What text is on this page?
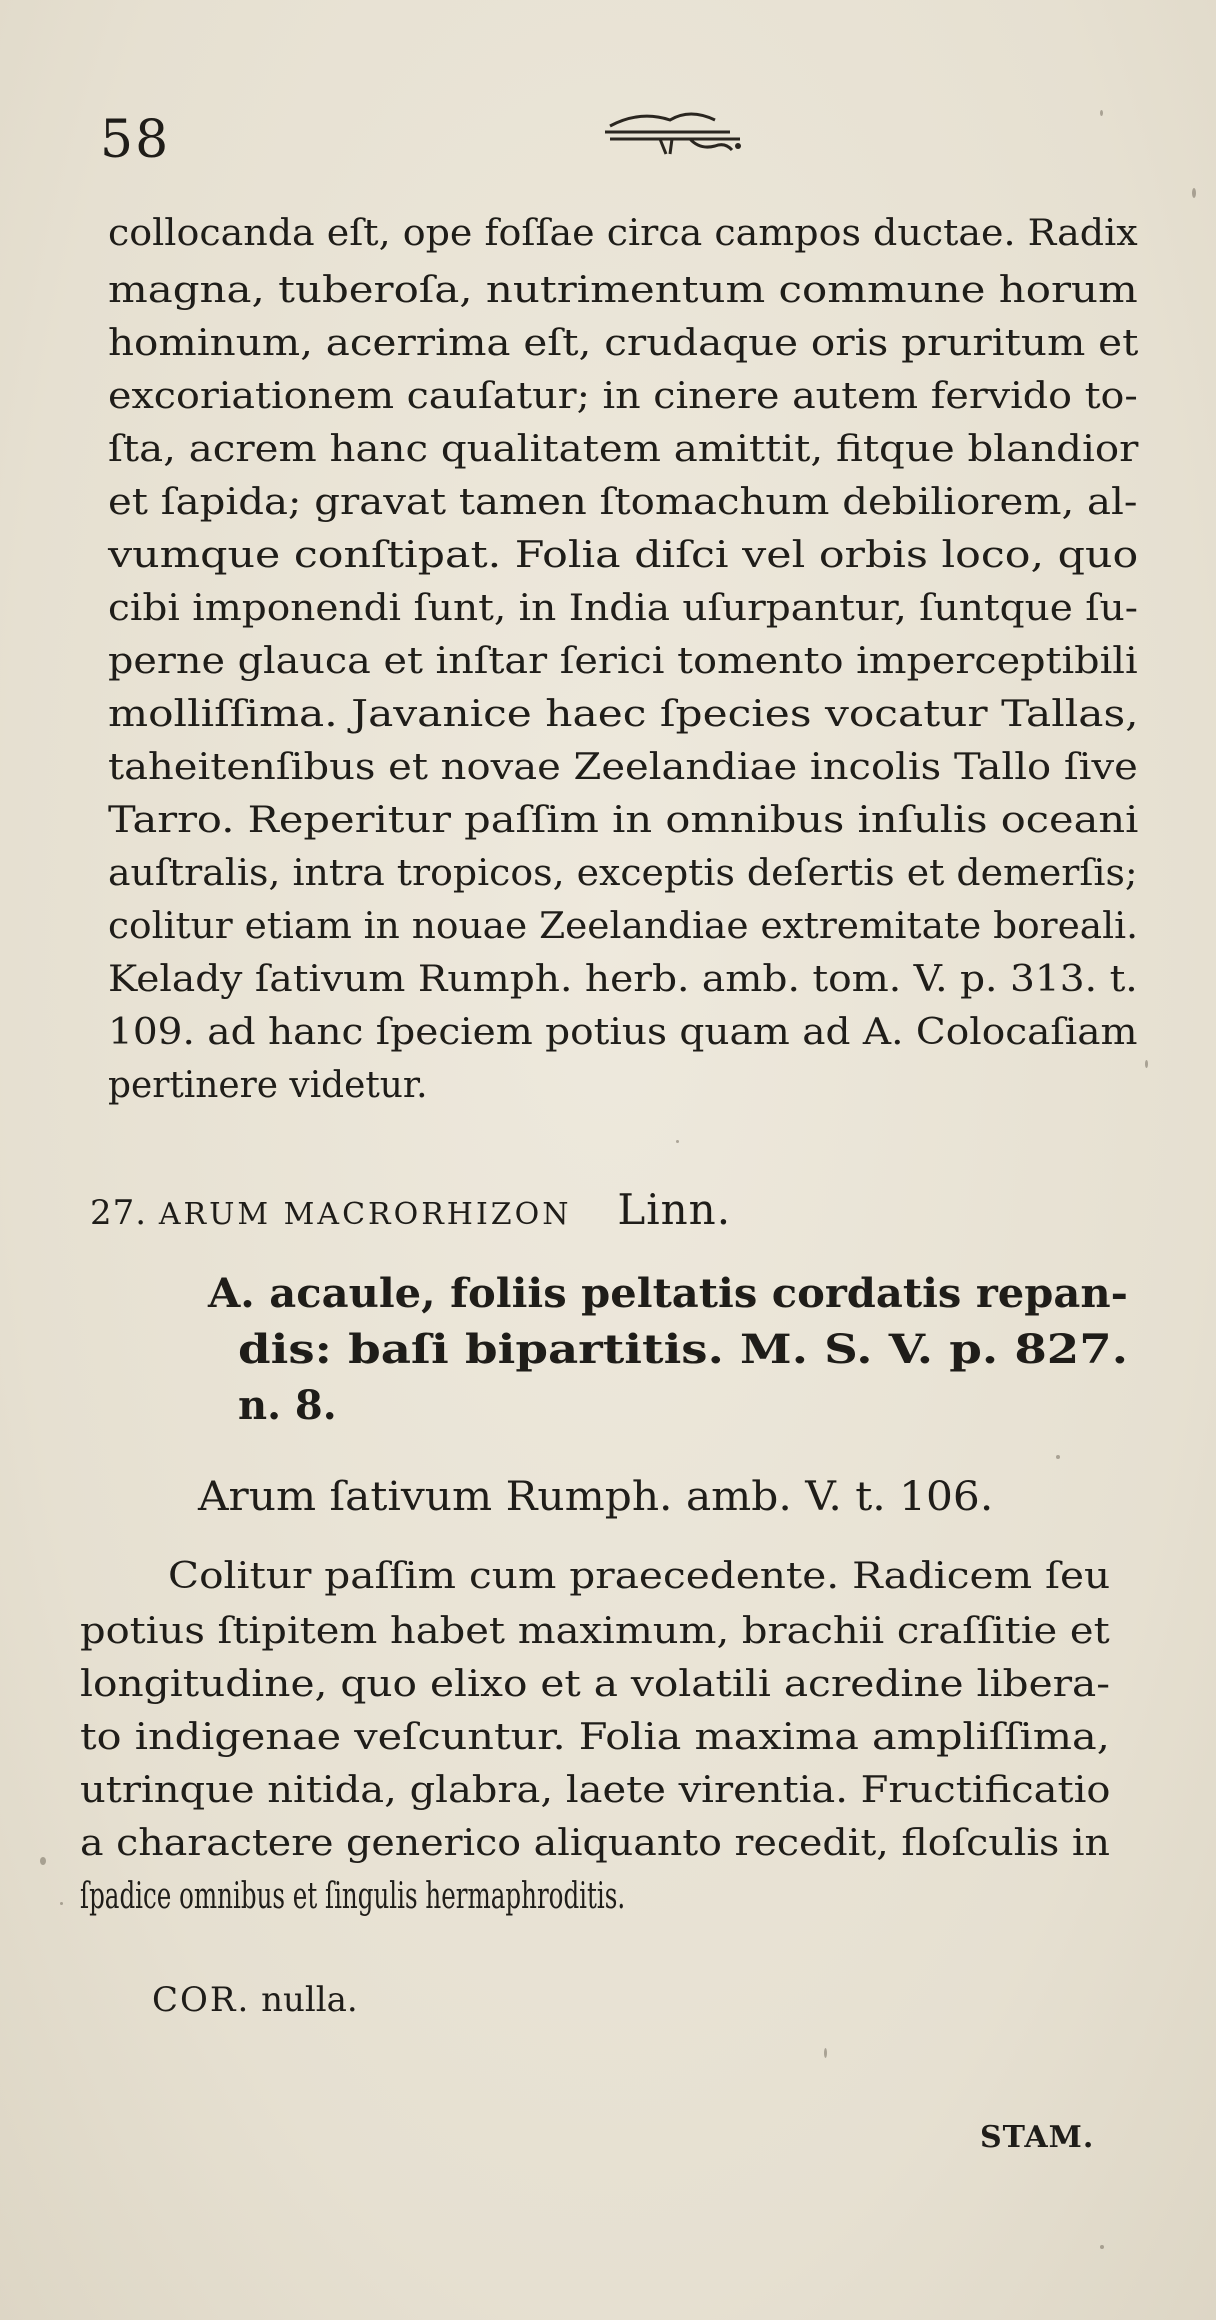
58
collocanda eſt, ope foſſae circa campos ductae. Radix
magna, tuberoſa, nutrimentum commune horum
hominum, acerrima eſt, crudaque oris pruritum et
excoriationem cauſatur; in cinere autem fervido to-
ſta, acrem hanc qualitatem amittit, fitque blandior
et ſapida; gravat tamen ſtomachum debiliorem, al-
vumque conſtipat. Folia diſci vel orbis loco, quo
cibi imponendi ſunt, in India uſurpantur, ſuntque ſu-
perne glauca et inſtar ſerici tomento imperceptibili
molliſſima. Javanice haec ſpecies vocatur Tallas,
taheitenſibus et novae Zeelandiae incolis Tallo ſive
Tarro. Reperitur paſſim in omnibus inſulis oceani
auſtralis, intra tropicos, exceptis deſertis et demerſis;
colitur etiam in nouae Zeelandiae extremitate boreali.
Kelady ſativum Rumph. herb. amb. tom. V. p. 313. t.
109. ad hanc ſpeciem potius quam ad A. Colocaſiam
pertinere videtur.
27. ARUM MACRORHIZON Linn.
A. acaule, foliis peltatis cordatis repan-
dis: baſi bipartitis. M. S. V. p. 827.
n. 8.
Arum ſativum Rumph. amb. V. t. 106.
Colitur paſſim cum praecedente. Radicem ſeu
potius ſtipitem habet maximum, brachii craſſitie et
longitudine, quo elixo et a volatili acredine libera-
to indigenae veſcuntur. Folia maxima ampliſſima,
utrinque nitida, glabra, laete virentia. Fructificatio
a charactere generico aliquanto recedit, floſculis in
ſpadice omnibus et ſingulis hermaphroditis.
COR. nulla.
STAM.
